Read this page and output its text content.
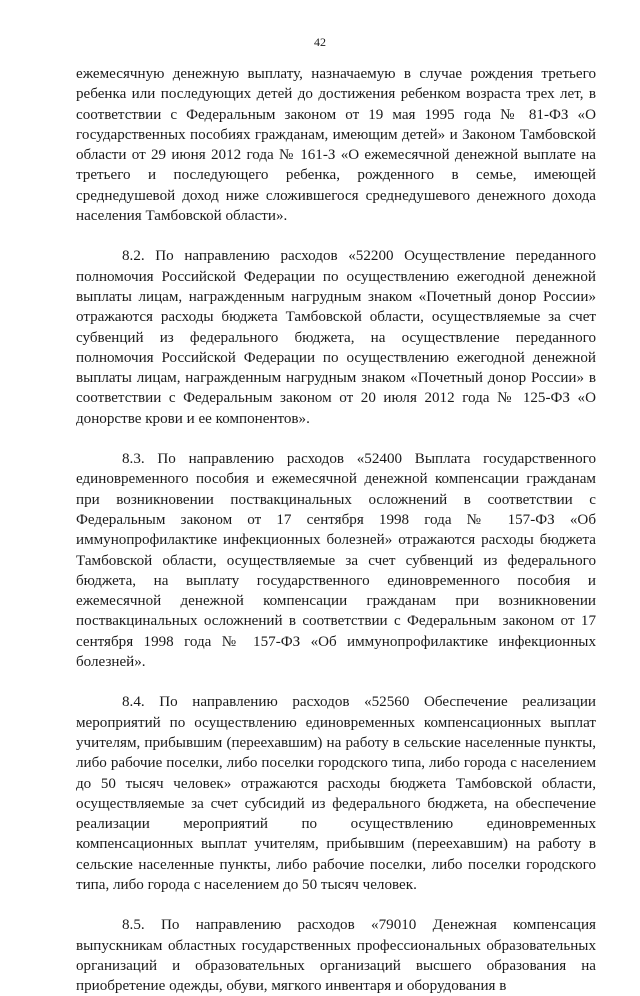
42

ежемесячную денежную выплату, назначаемую в случае рождения третьего ребенка или последующих детей до достижения ребенком возраста трех лет, в соответствии с Федеральным законом от 19 мая 1995 года № 81-ФЗ «О государственных пособиях гражданам, имеющим детей» и Законом Тамбовской области от 29 июня 2012 года № 161-З «О ежемесячной денежной выплате на третьего и последующего ребенка, рожденного в семье, имеющей среднедушевой доход ниже сложившегося среднедушевого денежного дохода населения Тамбовской области».

8.2. По направлению расходов «52200 Осуществление переданного полномочия Российской Федерации по осуществлению ежегодной денежной выплаты лицам, награжденным нагрудным знаком «Почетный донор России» отражаются расходы бюджета Тамбовской области, осуществляемые за счет субвенций из федерального бюджета, на осуществление переданного полномочия Российской Федерации по осуществлению ежегодной денежной выплаты лицам, награжденным нагрудным знаком «Почетный донор России» в соответствии с Федеральным законом от 20 июля 2012 года № 125-ФЗ «О донорстве крови и ее компонентов».

8.3. По направлению расходов «52400 Выплата государственного единовременного пособия и ежемесячной денежной компенсации гражданам при возникновении поствакцинальных осложнений в соответствии с Федеральным законом от 17 сентября 1998 года № 157-ФЗ «Об иммунопрофилактике инфекционных болезней» отражаются расходы бюджета Тамбовской области, осуществляемые за счет субвенций из федерального бюджета, на выплату государственного единовременного пособия и ежемесячной денежной компенсации гражданам при возникновении поствакцинальных осложнений в соответствии с Федеральным законом от 17 сентября 1998 года № 157-ФЗ «Об иммунопрофилактике инфекционных болезней».

8.4. По направлению расходов «52560 Обеспечение реализации мероприятий по осуществлению единовременных компенсационных выплат учителям, прибывшим (переехавшим) на работу в сельские населенные пункты, либо рабочие поселки, либо поселки городского типа, либо города с населением до 50 тысяч человек» отражаются расходы бюджета Тамбовской области, осуществляемые за счет субсидий из федерального бюджета, на обеспечение реализации мероприятий по осуществлению единовременных компенсационных выплат учителям, прибывшим (переехавшим) на работу в сельские населенные пункты, либо рабочие поселки, либо поселки городского типа, либо города с населением до 50 тысяч человек.

8.5. По направлению расходов «79010 Денежная компенсация выпускникам областных государственных профессиональных образовательных организаций и образовательных организаций высшего образования на приобретение одежды, обуви, мягкого инвентаря и оборудования в
